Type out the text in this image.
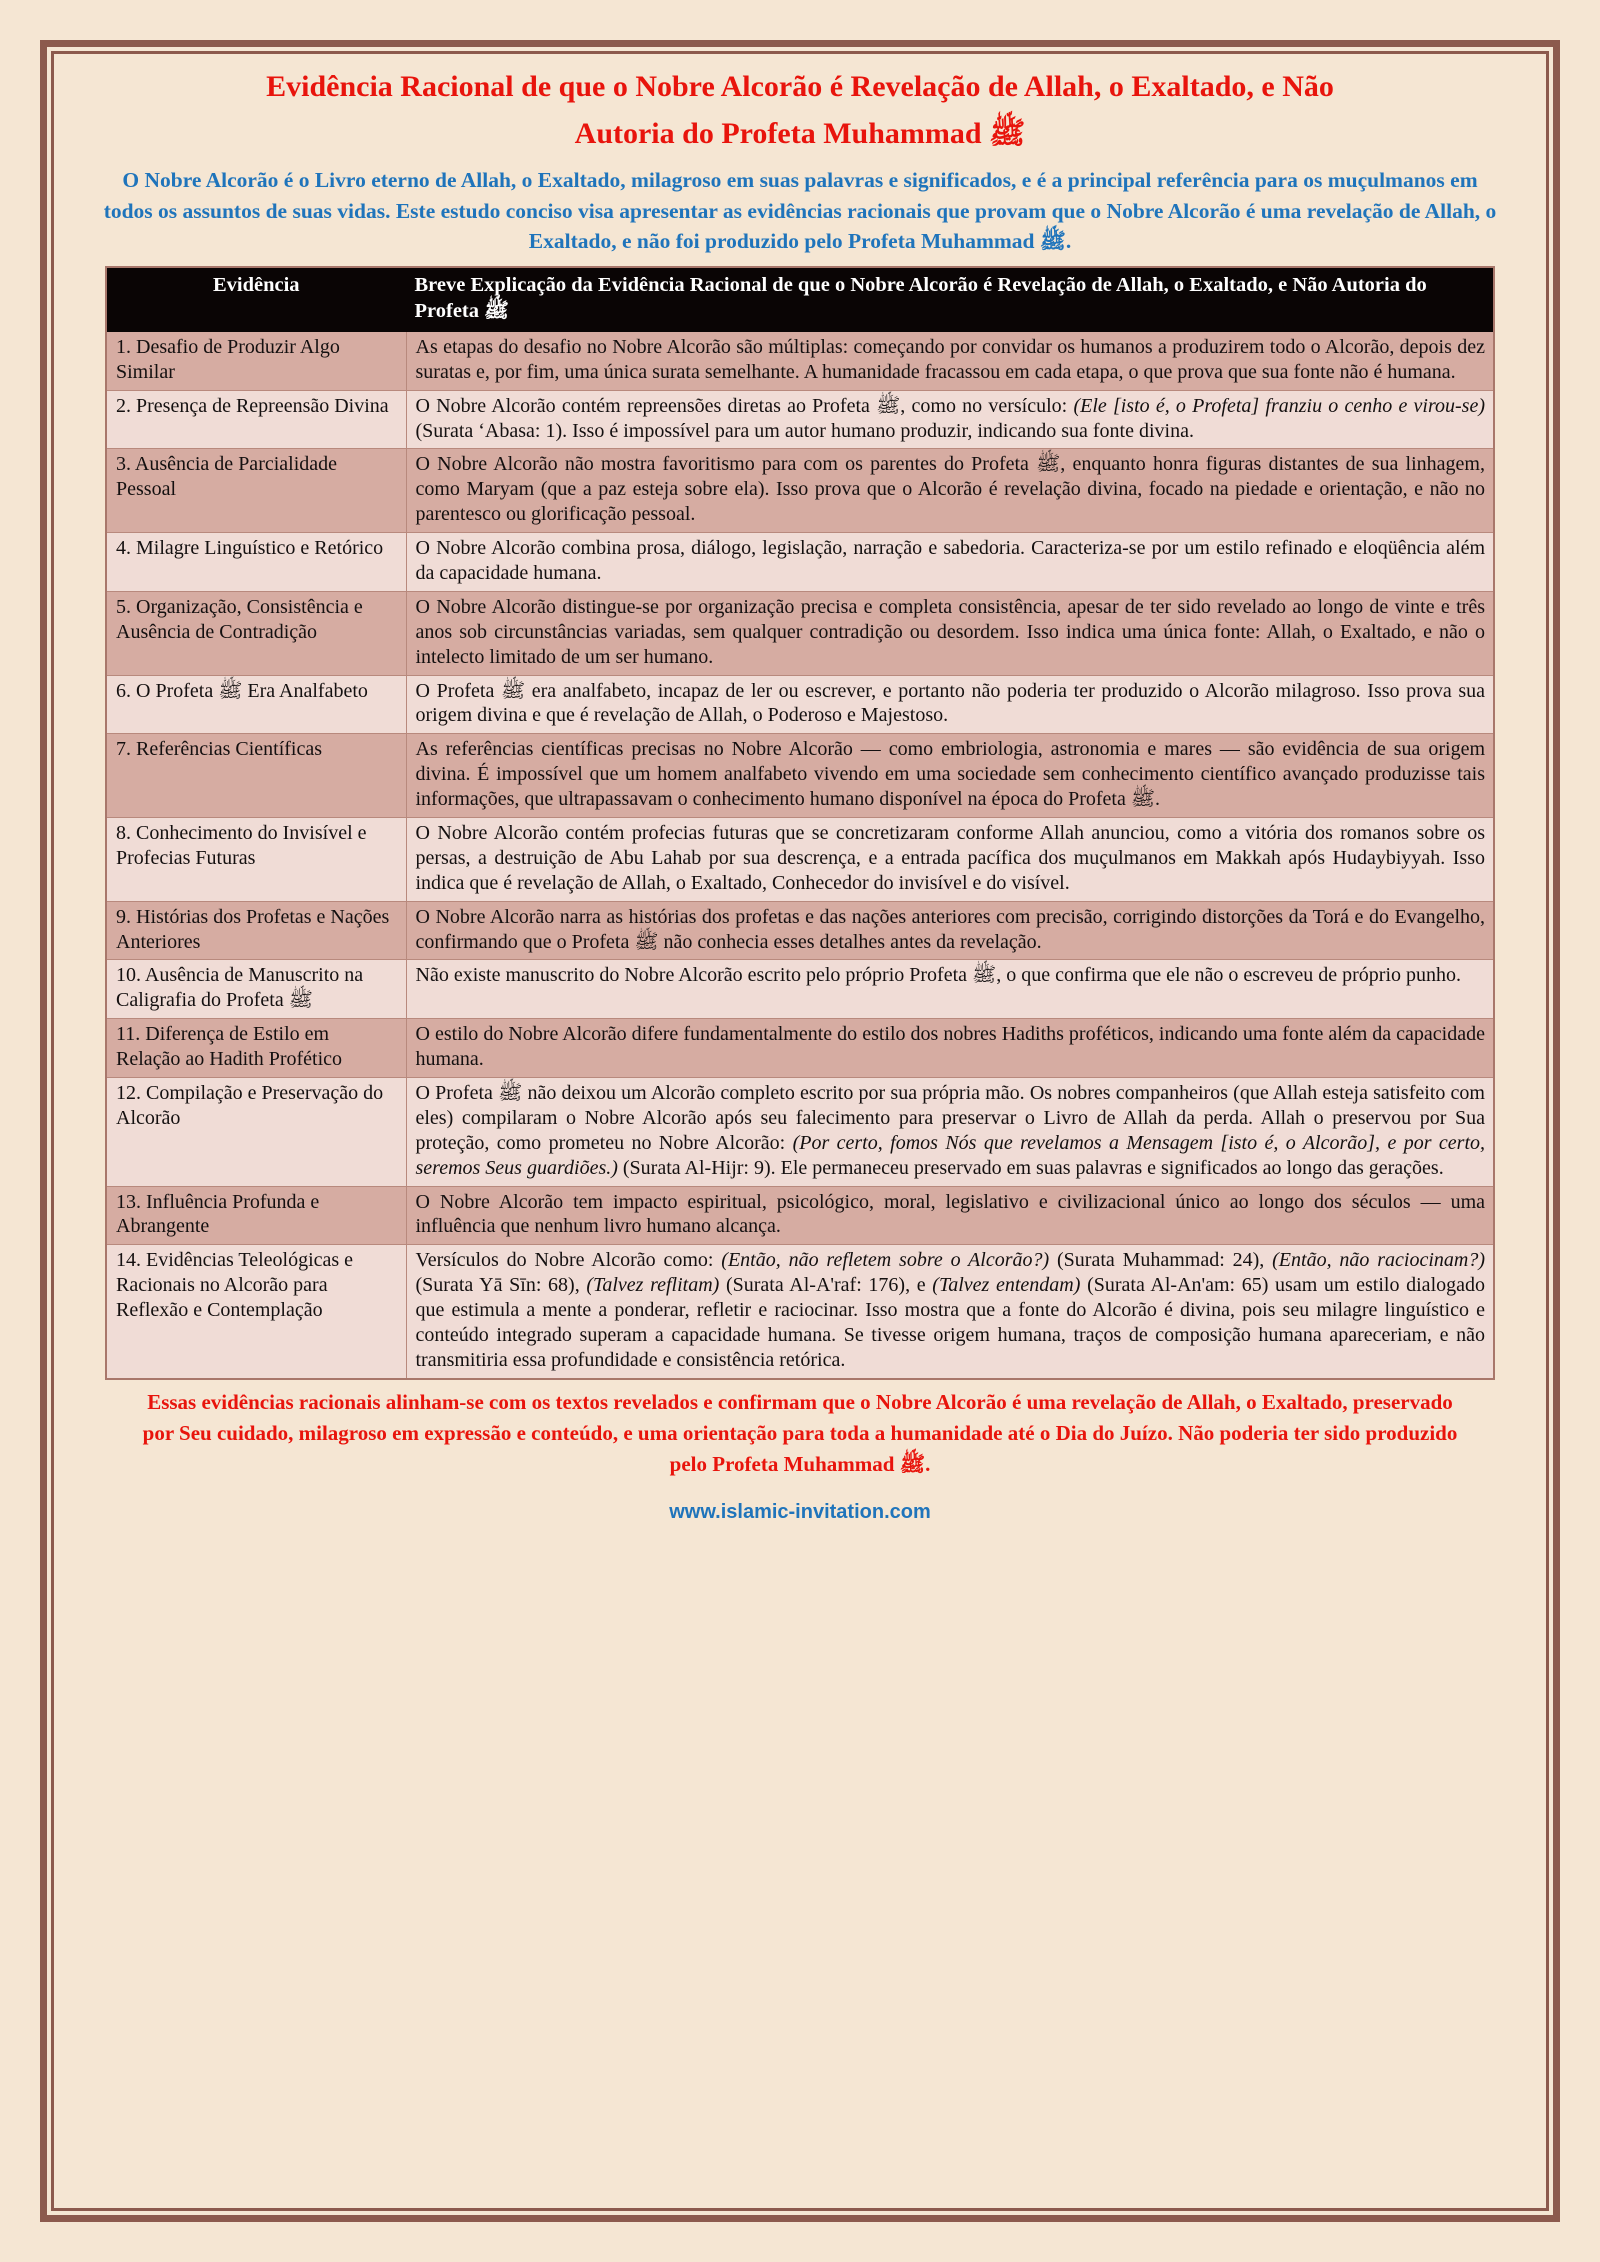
Evidência Racional de que o Nobre Alcorão é Revelação de Allah, o Exaltado, e Não
Autoria do Profeta Muhammad ﷺ

O Nobre Alcorão é o Livro eterno de Allah, o Exaltado, milagroso em suas palavras e significados, e é a principal referência para os muçulmanos em todos os assuntos de suas vidas. Este estudo conciso visa apresentar as evidências racionais que provam que o Nobre Alcorão é uma revelação de Allah, o Exaltado, e não foi produzido pelo Profeta Muhammad ﷺ.

Evidência	Breve Explicação da Evidência Racional de que o Nobre Alcorão é Revelação de Allah, o Exaltado, e Não Autoria do Profeta ﷺ
1. Desafio de Produzir Algo Similar	As etapas do desafio no Nobre Alcorão são múltiplas: começando por convidar os humanos a produzirem todo o Alcorão, depois dez suratas e, por fim, uma única surata semelhante. A humanidade fracassou em cada etapa, o que prova que sua fonte não é humana.
2. Presença de Repreensão Divina	O Nobre Alcorão contém repreensões diretas ao Profeta ﷺ, como no versículo: (Ele [isto é, o Profeta] franziu o cenho e virou-se) (Surata ‘Abasa: 1). Isso é impossível para um autor humano produzir, indicando sua fonte divina.
3. Ausência de Parcialidade Pessoal	O Nobre Alcorão não mostra favoritismo para com os parentes do Profeta ﷺ, enquanto honra figuras distantes de sua linhagem, como Maryam (que a paz esteja sobre ela). Isso prova que o Alcorão é revelação divina, focado na piedade e orientação, e não no parentesco ou glorificação pessoal.
4. Milagre Linguístico e Retórico	O Nobre Alcorão combina prosa, diálogo, legislação, narração e sabedoria. Caracteriza-se por um estilo refinado e eloqüência além da capacidade humana.
5. Organização, Consistência e Ausência de Contradição	O Nobre Alcorão distingue-se por organização precisa e completa consistência, apesar de ter sido revelado ao longo de vinte e três anos sob circunstâncias variadas, sem qualquer contradição ou desordem. Isso indica uma única fonte: Allah, o Exaltado, e não o intelecto limitado de um ser humano.
6. O Profeta ﷺ Era Analfabeto	O Profeta ﷺ era analfabeto, incapaz de ler ou escrever, e portanto não poderia ter produzido o Alcorão milagroso. Isso prova sua origem divina e que é revelação de Allah, o Poderoso e Majestoso.
7. Referências Científicas	As referências científicas precisas no Nobre Alcorão — como embriologia, astronomia e mares — são evidência de sua origem divina. É impossível que um homem analfabeto vivendo em uma sociedade sem conhecimento científico avançado produzisse tais informações, que ultrapassavam o conhecimento humano disponível na época do Profeta ﷺ.
8. Conhecimento do Invisível e Profecias Futuras	O Nobre Alcorão contém profecias futuras que se concretizaram conforme Allah anunciou, como a vitória dos romanos sobre os persas, a destruição de Abu Lahab por sua descrença, e a entrada pacífica dos muçulmanos em Makkah após Hudaybiyyah. Isso indica que é revelação de Allah, o Exaltado, Conhecedor do invisível e do visível.
9. Histórias dos Profetas e Nações Anteriores	O Nobre Alcorão narra as histórias dos profetas e das nações anteriores com precisão, corrigindo distorções da Torá e do Evangelho, confirmando que o Profeta ﷺ não conhecia esses detalhes antes da revelação.
10. Ausência de Manuscrito na Caligrafia do Profeta ﷺ	Não existe manuscrito do Nobre Alcorão escrito pelo próprio Profeta ﷺ, o que confirma que ele não o escreveu de próprio punho.
11. Diferença de Estilo em Relação ao Hadith Profético	O estilo do Nobre Alcorão difere fundamentalmente do estilo dos nobres Hadiths proféticos, indicando uma fonte além da capacidade humana.
12. Compilação e Preservação do Alcorão	O Profeta ﷺ não deixou um Alcorão completo escrito por sua própria mão. Os nobres companheiros (que Allah esteja satisfeito com eles) compilaram o Nobre Alcorão após seu falecimento para preservar o Livro de Allah da perda. Allah o preservou por Sua proteção, como prometeu no Nobre Alcorão: (Por certo, fomos Nós que revelamos a Mensagem [isto é, o Alcorão], e por certo, seremos Seus guardiões.) (Surata Al-Hijr: 9). Ele permaneceu preservado em suas palavras e significados ao longo das gerações.
13. Influência Profunda e Abrangente	O Nobre Alcorão tem impacto espiritual, psicológico, moral, legislativo e civilizacional único ao longo dos séculos — uma influência que nenhum livro humano alcança.
14. Evidências Teleológicas e Racionais no Alcorão para Reflexão e Contemplação	Versículos do Nobre Alcorão como: (Então, não refletem sobre o Alcorão?) (Surata Muhammad: 24), (Então, não raciocinam?) (Surata Yā Sīn: 68), (Talvez reflitam) (Surata Al-A'raf: 176), e (Talvez entendam) (Surata Al-An'am: 65) usam um estilo dialogado que estimula a mente a ponderar, refletir e raciocinar. Isso mostra que a fonte do Alcorão é divina, pois seu milagre linguístico e conteúdo integrado superam a capacidade humana. Se tivesse origem humana, traços de composição humana apareceriam, e não transmitiria essa profundidade e consistência retórica.

Essas evidências racionais alinham-se com os textos revelados e confirmam que o Nobre Alcorão é uma revelação de Allah, o Exaltado, preservado por Seu cuidado, milagroso em expressão e conteúdo, e uma orientação para toda a humanidade até o Dia do Juízo. Não poderia ter sido produzido pelo Profeta Muhammad ﷺ.

www.islamic-invitation.com
